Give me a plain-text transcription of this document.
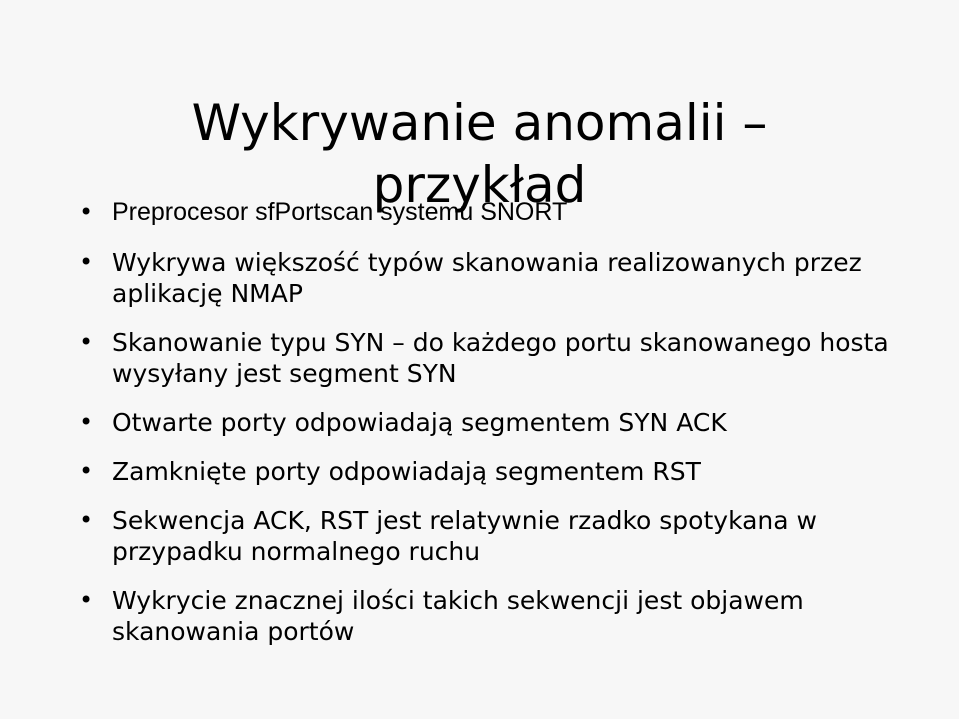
Wykrywanie anomalii –
przykład
• Preprocesor sfPortscan systemu SNORT
• Wykrywa większość typów skanowania realizowanych przez aplikację NMAP
• Skanowanie typu SYN – do każdego portu skanowanego hosta wysyłany jest segment SYN
• Otwarte porty odpowiadają segmentem SYN ACK
• Zamknięte porty odpowiadają segmentem RST
• Sekwencja ACK, RST jest relatywnie rzadko spotykana w przypadku normalnego ruchu
• Wykrycie znacznej ilości takich sekwencji jest objawem skanowania portów
